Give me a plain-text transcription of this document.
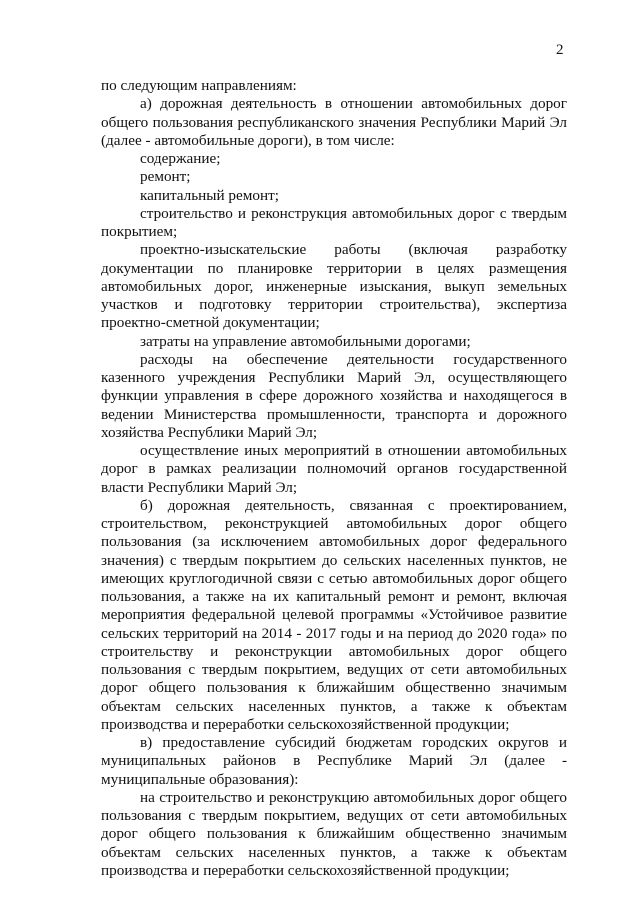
2

по следующим направлениям:

а) дорожная деятельность в отношении автомобильных дорог общего пользования республиканского значения Республики Марий Эл (далее - автомобильные дороги), в том числе:

содержание;

ремонт;

капитальный ремонт;

строительство и реконструкция автомобильных дорог с твердым покрытием;

проектно-изыскательские работы (включая разработку документации по планировке территории в целях размещения автомобильных дорог, инженерные изыскания, выкуп земельных участков и подготовку территории строительства), экспертиза проектно-сметной документации;

затраты на управление автомобильными дорогами;

расходы на обеспечение деятельности государственного казенного учреждения Республики Марий Эл, осуществляющего функции управления в сфере дорожного хозяйства и находящегося в ведении Министерства промышленности, транспорта и дорожного хозяйства Республики Марий Эл;

осуществление иных мероприятий в отношении автомобильных дорог в рамках реализации полномочий органов государственной власти Республики Марий Эл;

б) дорожная деятельность, связанная с проектированием, строительством, реконструкцией автомобильных дорог общего пользования (за исключением автомобильных дорог федерального значения) с твердым покрытием до сельских населенных пунктов, не имеющих круглогодичной связи с сетью автомобильных дорог общего пользования, а также на их капитальный ремонт и ремонт, включая мероприятия федеральной целевой программы «Устойчивое развитие сельских территорий на 2014 - 2017 годы и на период до 2020 года» по строительству и реконструкции автомобильных дорог общего пользования с твердым покрытием, ведущих от сети автомобильных дорог общего пользования к ближайшим общественно значимым объектам сельских населенных пунктов, а также к объектам производства и переработки сельскохозяйственной продукции;

в) предоставление субсидий бюджетам городских округов и муниципальных районов в Республике Марий Эл (далее - муниципальные образования):

на строительство и реконструкцию автомобильных дорог общего пользования с твердым покрытием, ведущих от сети автомобильных дорог общего пользования к ближайшим общественно значимым объектам сельских населенных пунктов, а также к объектам производства и переработки сельскохозяйственной продукции;
